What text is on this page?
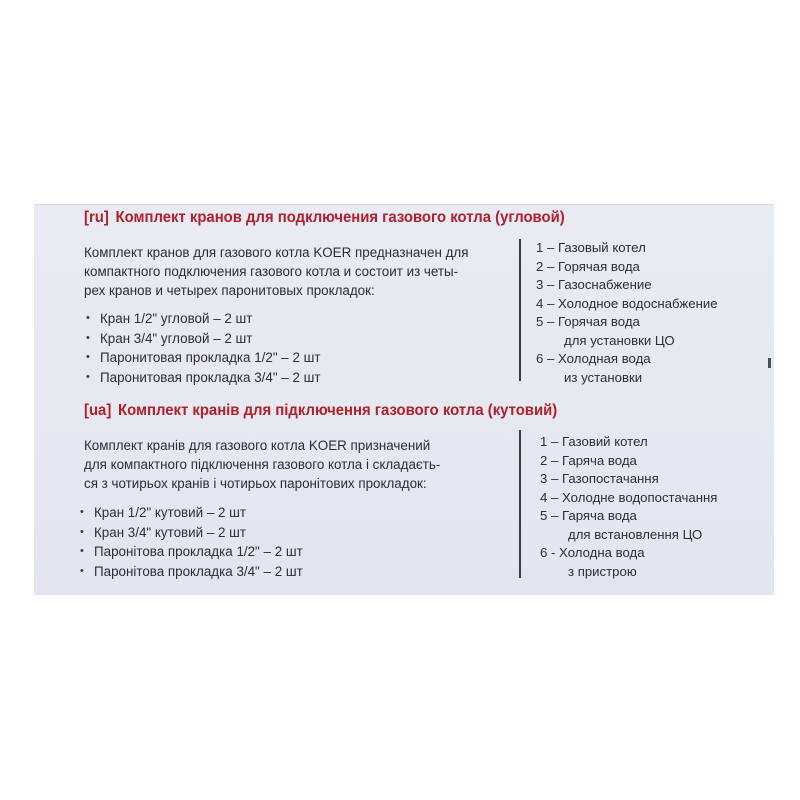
[ru] Комплект кранов для подключения газового котла (угловой)
Комплект кранов для газового котла KOER предназначен для
компактного подключения газового котла и состоит из четы-
рех кранов и четырех паронитовых прокладок:
• Кран 1/2" угловой – 2 шт
• Кран 3/4" угловой – 2 шт
• Паронитовая прокладка 1/2" – 2 шт
• Паронитовая прокладка 3/4" – 2 шт
1 – Газовый котел
2 – Горячая вода
3 – Газоснабжение
4 – Холодное водоснабжение
5 – Горячая вода
для установки ЦО
6 – Холодная вода
из установки
[ua] Комплект кранів для підключення газового котла (кутовий)
Комплект кранів для газового котла KOER призначений
для компактного підключення газового котла і складаєть-
ся з чотирьох кранів і чотирьох паронітових прокладок:
• Кран 1/2" кутовий – 2 шт
• Кран 3/4" кутовий – 2 шт
• Паронітова прокладка 1/2" – 2 шт
• Паронітова прокладка 3/4" – 2 шт
1 – Газовий котел
2 – Гаряча вода
3 – Газопостачання
4 – Холодне водопостачання
5 – Гаряча вода
для встановлення ЦО
6 - Холодна вода
з пристрою
